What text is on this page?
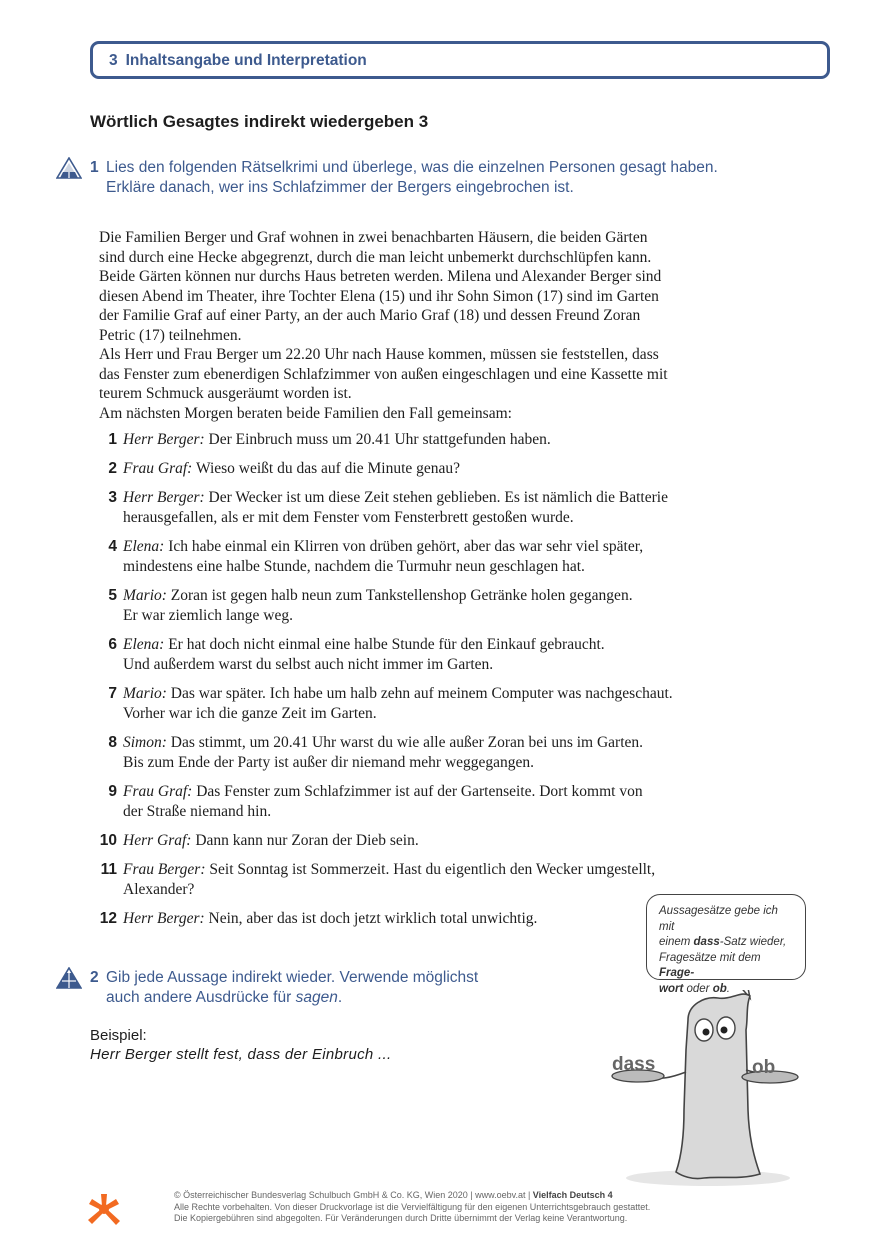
3 Inhaltsangabe und Interpretation
Wörtlich Gesagtes indirekt wiedergeben 3
1 Lies den folgenden Rätselkrimi und überlege, was die einzelnen Personen gesagt haben.
Erkläre danach, wer ins Schlafzimmer der Bergers eingebrochen ist.

Die Familien Berger und Graf wohnen in zwei benachbarten Häusern, die beiden Gärten

sind durch eine Hecke abgegrenzt, durch die man leicht unbemerkt durchschlüpfen kann.

Beide Gärten können nur durchs Haus betreten werden. Milena und Alexander Berger sind

diesen Abend im Theater, ihre Tochter Elena (15) und ihr Sohn Simon (17) sind im Garten

der Familie Graf auf einer Party, an der auch Mario Graf (18) und dessen Freund Zoran

Petric (17) teilnehmen.

Als Herr und Frau Berger um 22.20 Uhr nach Hause kommen, müssen sie feststellen, dass

das Fenster zum ebenerdigen Schlafzimmer von außen eingeschlagen und eine Kassette mit

teurem Schmuck ausgeräumt worden ist.

Am nächsten Morgen beraten beide Familien den Fall gemeinsam:

1 Herr Berger: Der Einbruch muss um 20.41 Uhr stattgefunden haben.
2 Frau Graf: Wieso weißt du das auf die Minute genau?
3 Herr Berger: Der Wecker ist um diese Zeit stehen geblieben. Es ist nämlich die Batterie
herausgefallen, als er mit dem Fenster vom Fensterbrett gestoßen wurde.
4 Elena: Ich habe einmal ein Klirren von drüben gehört, aber das war sehr viel später,
mindestens eine halbe Stunde, nachdem die Turmuhr neun geschlagen hat.
5 Mario: Zoran ist gegen halb neun zum Tankstellenshop Getränke holen gegangen.
Er war ziemlich lange weg.
6 Elena: Er hat doch nicht einmal eine halbe Stunde für den Einkauf gebraucht.
Und außerdem warst du selbst auch nicht immer im Garten.
7 Mario: Das war später. Ich habe um halb zehn auf meinem Computer was nachgeschaut.
Vorher war ich die ganze Zeit im Garten.
8 Simon: Das stimmt, um 20.41 Uhr warst du wie alle außer Zoran bei uns im Garten.
Bis zum Ende der Party ist außer dir niemand mehr weggegangen.
9 Frau Graf: Das Fenster zum Schlafzimmer ist auf der Gartenseite. Dort kommt von
der Straße niemand hin.
10 Herr Graf: Dann kann nur Zoran der Dieb sein.
11 Frau Berger: Seit Sonntag ist Sommerzeit. Hast du eigentlich den Wecker umgestellt,
Alexander?
12 Herr Berger: Nein, aber das ist doch jetzt wirklich total unwichtig.
2 Gib jede Aussage indirekt wieder. Verwende möglichst
auch andere Ausdrücke für sagen.
Beispiel:
Herr Berger stellt fest, dass der Einbruch ...
Aussagesätze gebe ich mit
einem dass-Satz wieder,
Fragesätze mit dem Frage-
wort oder ob.
dass	ob
© Österreichischer Bundesverlag Schulbuch GmbH & Co. KG, Wien 2020 | www.oebv.at | Vielfach Deutsch 4
Alle Rechte vorbehalten. Von dieser Druckvorlage ist die Vervielfältigung für den eigenen Unterrichtsgebrauch gestattet.
Die Kopiergebühren sind abgegolten. Für Veränderungen durch Dritte übernimmt der Verlag keine Verantwortung.
